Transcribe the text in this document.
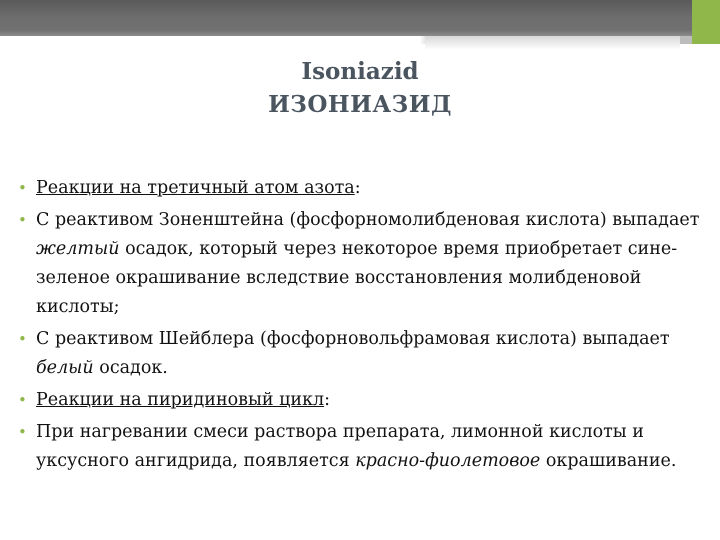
Isoniazid
ИЗОНИАЗИД
• Реакции на третичный атом азота:
• С реактивом Зоненштейна (фосфорномолибденовая кислота) выпадает желтый осадок, который через некоторое время приобретает сине-зеленое окрашивание вследствие восстановления молибденовой кислоты;
• С реактивом Шейблера (фосфорновольфрамовая кислота) выпадает белый осадок.
• Реакции на пиридиновый цикл:
• При нагревании смеси раствора препарата, лимонной кислоты и уксусного ангидрида, появляется красно-фиолетовое окрашивание.
